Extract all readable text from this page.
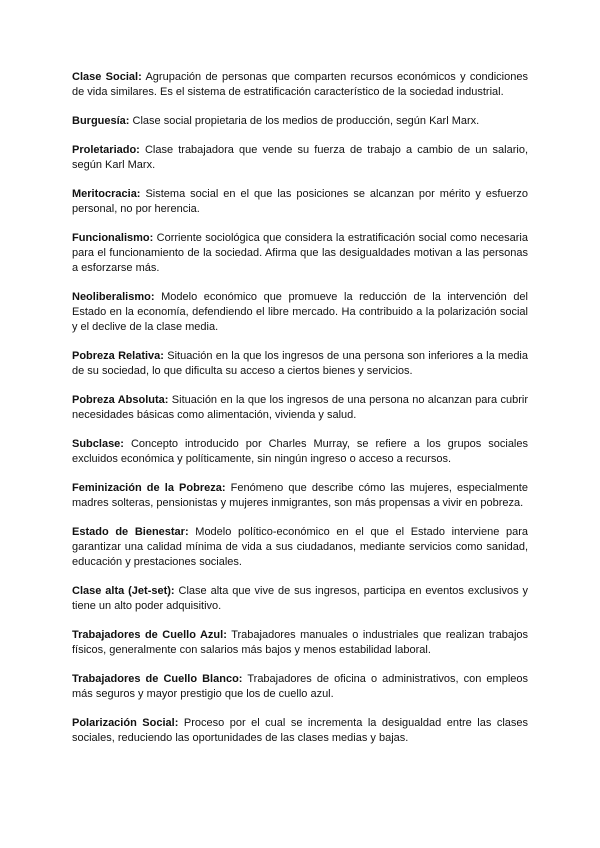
Clase Social: Agrupación de personas que comparten recursos económicos y condiciones de vida similares. Es el sistema de estratificación característico de la sociedad industrial.

Burguesía: Clase social propietaria de los medios de producción, según Karl Marx.

Proletariado: Clase trabajadora que vende su fuerza de trabajo a cambio de un salario, según Karl Marx.

Meritocracia: Sistema social en el que las posiciones se alcanzan por mérito y esfuerzo personal, no por herencia.

Funcionalismo: Corriente sociológica que considera la estratificación social como necesaria para el funcionamiento de la sociedad. Afirma que las desigualdades motivan a las personas a esforzarse más.

Neoliberalismo: Modelo económico que promueve la reducción de la intervención del Estado en la economía, defendiendo el libre mercado. Ha contribuido a la polarización social y el declive de la clase media.

Pobreza Relativa: Situación en la que los ingresos de una persona son inferiores a la media de su sociedad, lo que dificulta su acceso a ciertos bienes y servicios.

Pobreza Absoluta: Situación en la que los ingresos de una persona no alcanzan para cubrir necesidades básicas como alimentación, vivienda y salud.

Subclase: Concepto introducido por Charles Murray, se refiere a los grupos sociales excluidos económica y políticamente, sin ningún ingreso o acceso a recursos.

Feminización de la Pobreza: Fenómeno que describe cómo las mujeres, especialmente madres solteras, pensionistas y mujeres inmigrantes, son más propensas a vivir en pobreza.

Estado de Bienestar: Modelo político-económico en el que el Estado interviene para garantizar una calidad mínima de vida a sus ciudadanos, mediante servicios como sanidad, educación y prestaciones sociales.

Clase alta (Jet-set): Clase alta que vive de sus ingresos, participa en eventos exclusivos y tiene un alto poder adquisitivo.

Trabajadores de Cuello Azul: Trabajadores manuales o industriales que realizan trabajos físicos, generalmente con salarios más bajos y menos estabilidad laboral.

Trabajadores de Cuello Blanco: Trabajadores de oficina o administrativos, con empleos más seguros y mayor prestigio que los de cuello azul.

Polarización Social: Proceso por el cual se incrementa la desigualdad entre las clases sociales, reduciendo las oportunidades de las clases medias y bajas.
